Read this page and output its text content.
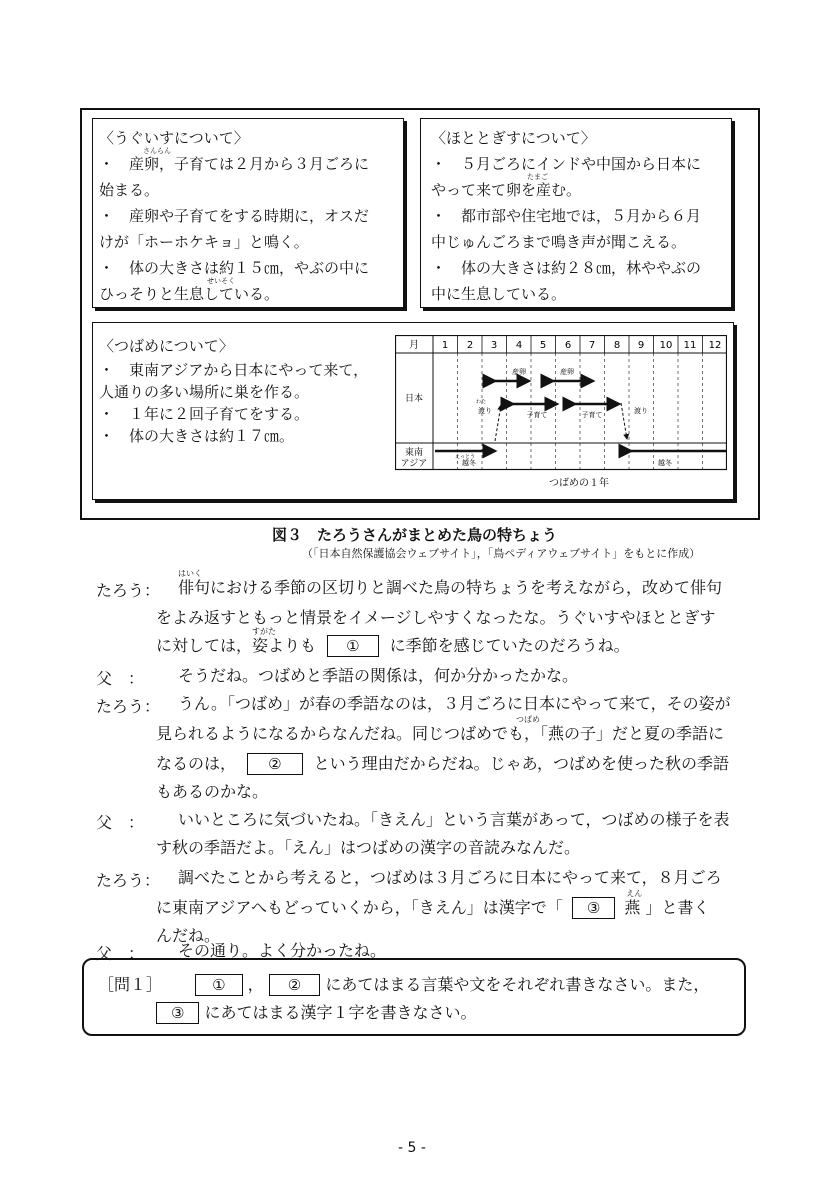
〈うぐいすについて〉
さんらん
・　産卵，子育ては２月から３月ごろに
始まる。
・　産卵や子育てをする時期に，オスだ
けが「ホーホケキョ」と鳴く。
・　体の大きさは約１５㎝，やぶの中に
せいそく
ひっそりと生息している。
〈ほととぎすについて〉
・　５月ごろにインドや中国から日本に
たまご
やって来て卵を産む。
・　都市部や住宅地では，５月から６月
中じゅんごろまで鳴き声が聞こえる。
・　体の大きさは約２８㎝，林ややぶの
中に生息している。
〈つばめについて〉
・　東南アジアから日本にやって来て，
人通りの多い場所に巣を作る。
・　１年に２回子育てをする。
・　体の大きさは約１７㎝。
月 1 2 3 4 5 6 7 8 9 10 11 12
日本
東南
アジア
渡り
わた
渡り
産卵
子育て
産卵
子育て
越冬
えっとう
越冬
つばめの１年
図３　たろうさんがまとめた鳥の特ちょう
（「日本自然保護協会ウェブサイト」，「鳥ペディアウェブサイト」をもとに作成）
たろう：
はいく
俳句における季節の区切りと調べた鳥の特ちょうを考えながら，改めて俳句
をよみ返すともっと情景をイメージしやすくなったな。うぐいすやほととぎす
すがた
に対しては，姿よりも ① に季節を感じていたのだろうね。
父　： そうだね。つばめと季語の関係は，何か分かったかな。
たろう： うん。「つばめ」が春の季語なのは，３月ごろに日本にやって来て，その姿が
つばめ
見られるようになるからなんだね。同じつばめでも，「燕の子」だと夏の季語に
なるのは， ② という理由だからだね。じゃあ，つばめを使った秋の季語
もあるのかな。
父　： いいところに気づいたね。「きえん」という言葉があって，つばめの様子を表
す秋の季語だよ。「えん」はつばめの漢字の音読みなんだ。
たろう： 調べたことから考えると，つばめは３月ごろに日本にやって来て，８月ごろ
に東南アジアへもどっていくから，「きえん」は漢字で「 ③
えん
燕 」と書く
んだね。
父　： その通り。よく分かったね。
［問１］	① ， ② にあてはまる言葉や文をそれぞれ書きなさい。また，
③ にあてはまる漢字１字を書きなさい。
- 5 -
